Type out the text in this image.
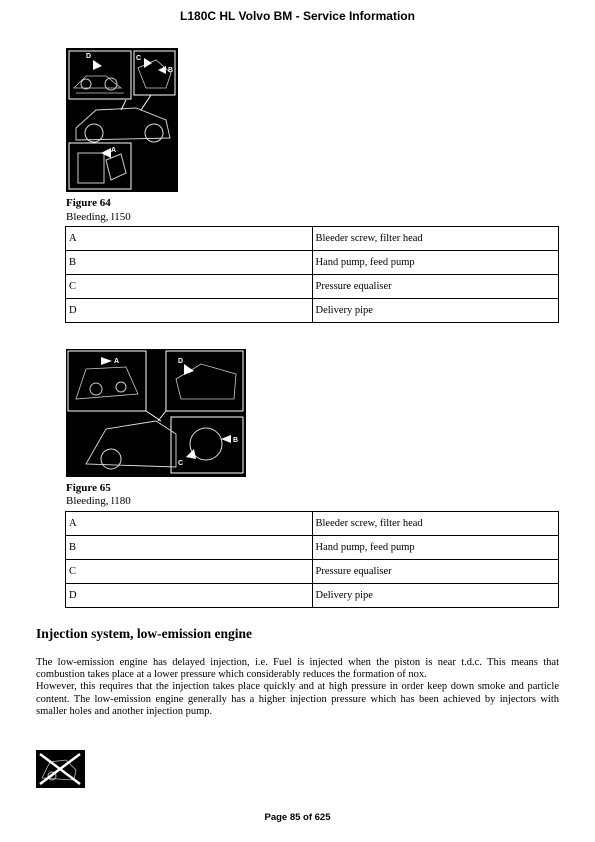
L180C HL Volvo BM - Service Information
D	C
B
A
Figure 64
Bleeding, l150
A	Bleeder screw, filter head
B	Hand pump, feed pump
C	Pressure equaliser
D	Delivery pipe
A	D
B
C
Figure 65
Bleeding, l180
A	Bleeder screw, filter head
B	Hand pump, feed pump
C	Pressure equaliser
D	Delivery pipe
Injection system, low-emission engine

The low-emission engine has delayed injection, i.e. Fuel is injected when the piston is near t.d.c. This means that combustion takes place at a lower pressure which considerably reduces the formation of nox.

However, this requires that the injection takes place quickly and at high pressure in order keep down smoke and particle content. The low-emission engine generally has a higher injection pressure which has been achieved by injectors with smaller holes and another injection pump.

Page 85 of 625
